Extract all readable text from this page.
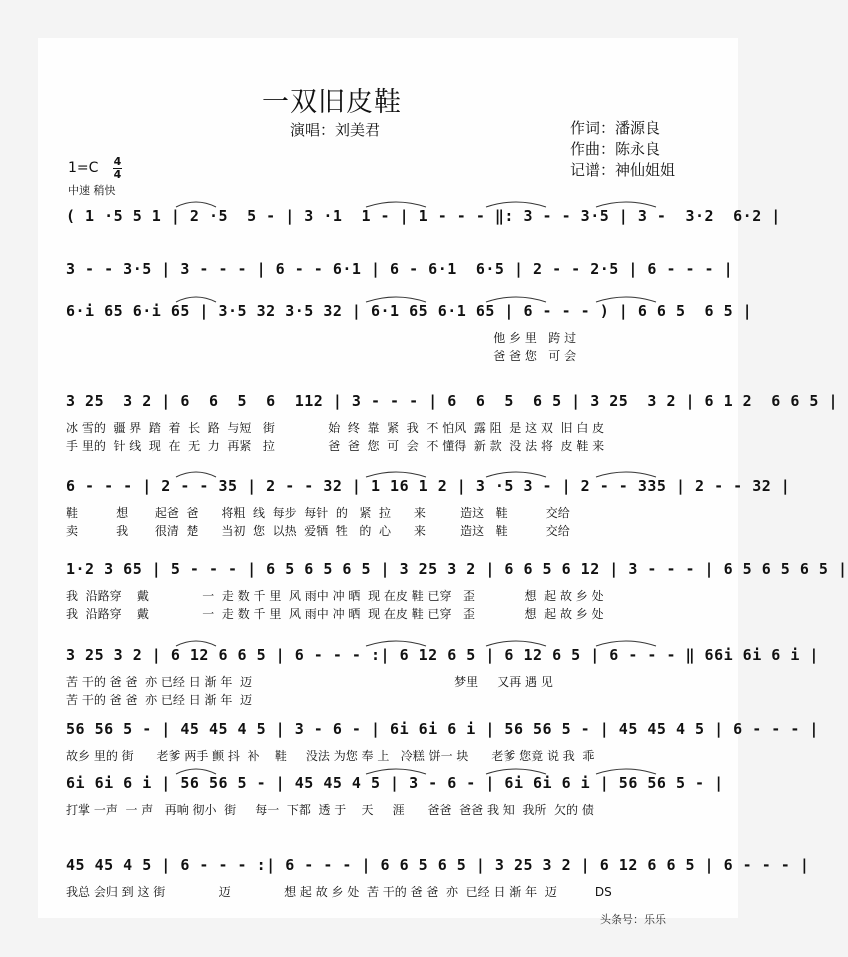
一双旧皮鞋
演唱：刘美君	作词：潘源良
作曲：陈永良
记谱：神仙姐姐
1=C 4
4
中速 稍快
( 1 ·5 5 1 | 2 ·5  5 - | 3 ·1  1 - | 1 - - - ‖: 3 - - 3·5 | 3 -  3·2  6·2 |
3 - - 3·5 | 3 - - - | 6 - - 6·1 | 6 - 6·1  6·5 | 2 - - 2·5 | 6 - - - |
6·i 65 6·i 65 | 3·5 32 3·5 32 | 6·1 65 6·1 65 | 6 - - - ) | 6 6 5  6 5 |
他 乡 里   跨 过
爸 爸 您   可 会
3 25  3 2 | 6  6  5  6  112 | 3 - - - | 6  6  5  6 5 | 3 25  3 2 | 6 1 2  6 6 5 |
冰 雪的  疆 界  踏  着  长  路  与短   街              始  终  靠  紧  我  不 怕风  露 阻  是 这 双  旧 白 皮
手 里的  针 线  现  在  无  力  再紧   拉              爸  爸  您  可  会  不 懂得  新 款  没 法 将  皮 鞋 来
6 - - - | 2 - - 35 | 2 - - 32 | 1 16 1 2 | 3 ·5 3 - | 2 - - 335 | 2 - - 32 |
鞋          想       起爸  爸      将粗  线  每步  每针  的   紧  拉      来         造这   鞋          交给
卖          我       很清  楚      当初  您  以热  爱牺  牲   的  心      来         造这   鞋          交给
1·2 3 65 | 5 - - - | 6 5 6 5 6 5 | 3 25 3 2 | 6 6 5 6 12 | 3 - - - | 6 5 6 5 6 5 |
我  沿路穿    戴              一  走 数 千 里  风 雨中 冲 晒  现 在皮 鞋 已穿   歪             想  起 故 乡 处
我  沿路穿    戴              一  走 数 千 里  风 雨中 冲 晒  现 在皮 鞋 已穿   歪             想  起 故 乡 处
3 25 3 2 | 6 12 6 6 5 | 6 - - - :| 6 12 6 5 | 6 12 6 5 | 6 - - - ‖ 66i 6i 6 i |
苦 干的 爸 爸  亦 已经 日 渐 年  迈                                                     梦里     又再 遇 见
苦 干的 爸 爸  亦 已经 日 渐 年  迈
56 56 5 - | 45 45 4 5 | 3 - 6 - | 6i 6i 6 i | 56 56 5 - | 45 45 4 5 | 6 - - - |
故乡 里的 街      老爹 两手 颤 抖  补    鞋     没法 为您 奉 上   冷糕 饼一 块      老爹 您竟 说 我  乖
6i 6i 6 i | 56 56 5 - | 45 45 4 5 | 3 - 6 - | 6i 6i 6 i | 56 56 5 - |
打掌 一声  一 声   再响 彻小  街     每一  下都  透 于    天     涯      爸爸  爸爸 我 知  我所  欠的 债
45 45 4 5 | 6 - - - :| 6 - - - | 6 6 5 6 5 | 3 25 3 2 | 6 12 6 6 5 | 6 - - - |
我总 会归 到 这 街              迈              想 起 故 乡 处  苦 干的 爸 爸  亦  已经 日 渐 年  迈          DS
头条号：乐乐
